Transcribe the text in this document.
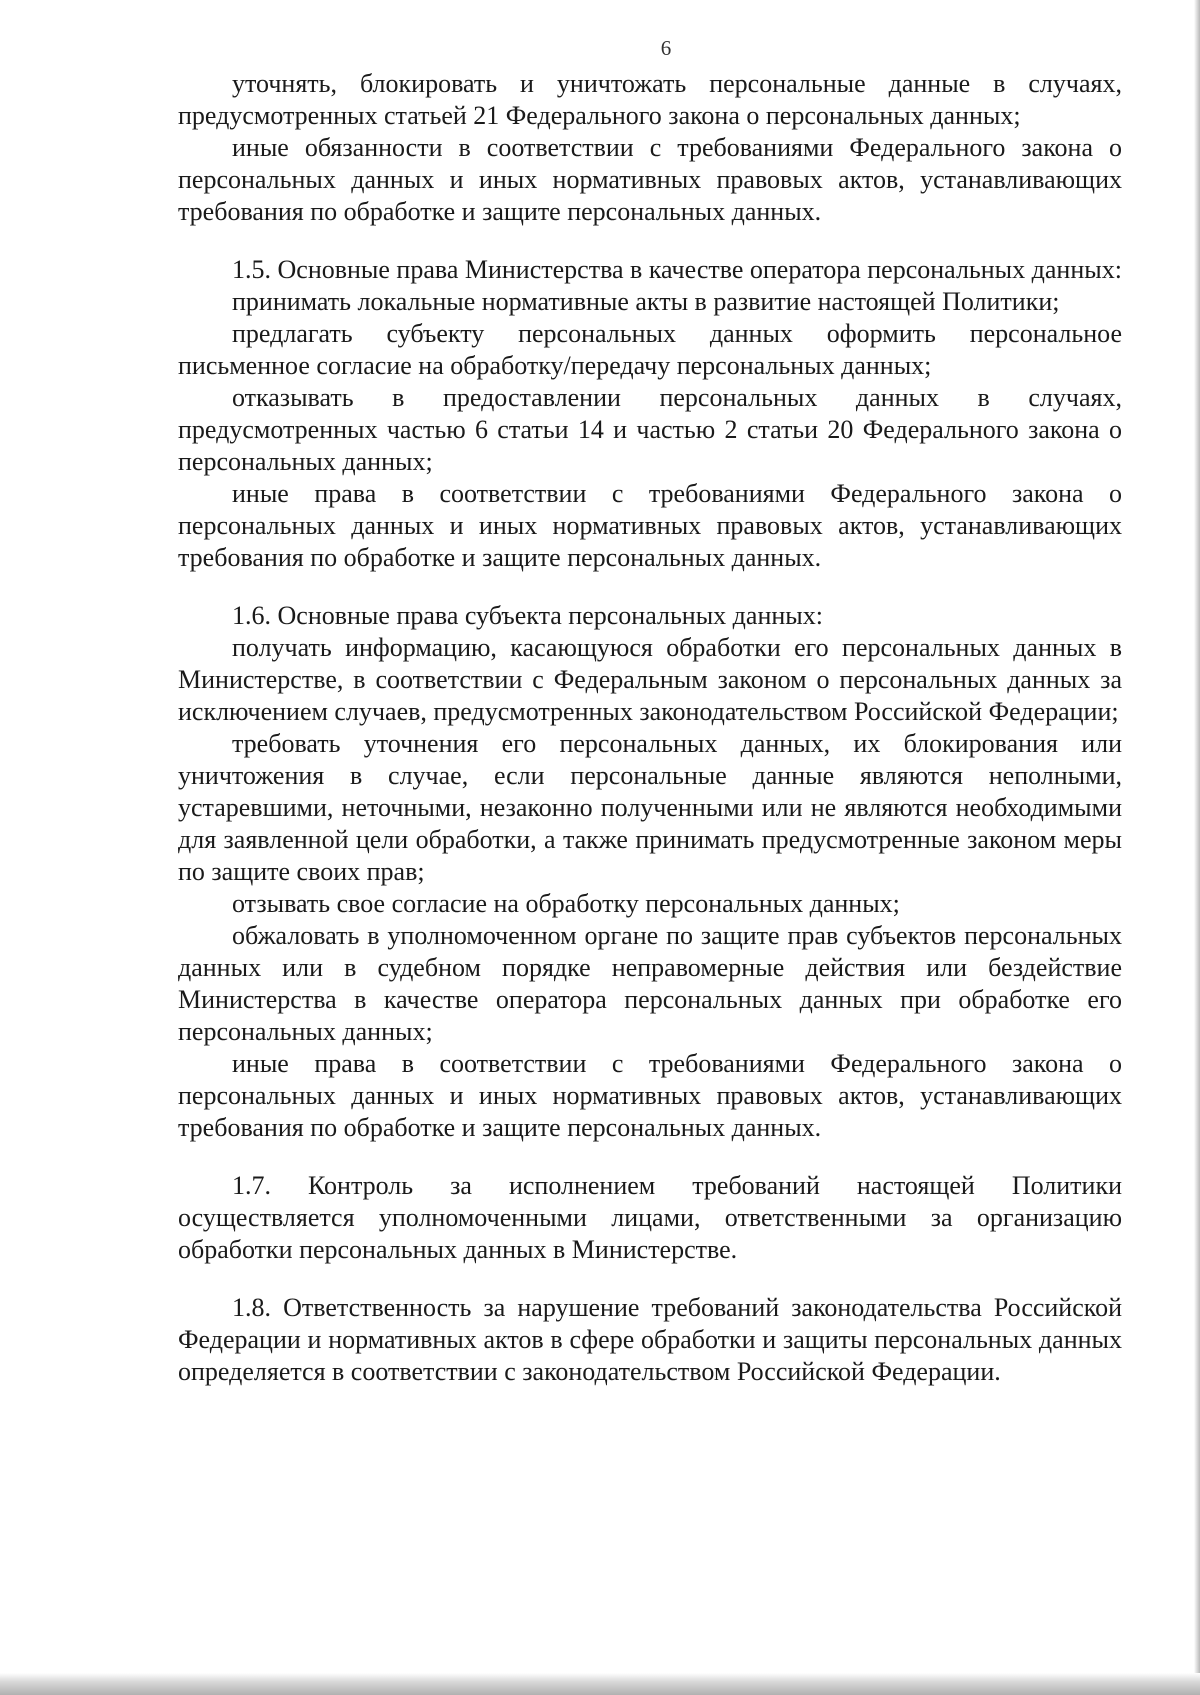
6

уточнять, блокировать и уничтожать персональные данные в случаях, предусмотренных статьей 21 Федерального закона о персональных данных;

иные обязанности в соответствии с требованиями Федерального закона о персональных данных и иных нормативных правовых актов, устанавливающих требования по обработке и защите персональных данных.

1.5. Основные права Министерства в качестве оператора персональных данных:

принимать локальные нормативные акты в развитие настоящей Политики;

предлагать субъекту персональных данных оформить персональное письменное согласие на обработку/передачу персональных данных;

отказывать в предоставлении персональных данных в случаях, предусмотренных частью 6 статьи 14 и частью 2 статьи 20 Федерального закона о персональных данных;

иные права в соответствии с требованиями Федерального закона о персональных данных и иных нормативных правовых актов, устанавливающих требования по обработке и защите персональных данных.

1.6. Основные права субъекта персональных данных:

получать информацию, касающуюся обработки его персональных данных в Министерстве, в соответствии с Федеральным законом о персональных данных за исключением случаев, предусмотренных законодательством Российской Федерации;

требовать уточнения его персональных данных, их блокирования или уничтожения в случае, если персональные данные являются неполными, устаревшими, неточными, незаконно полученными или не являются необходимыми для заявленной цели обработки, а также принимать предусмотренные законом меры по защите своих прав;

отзывать свое согласие на обработку персональных данных;

обжаловать в уполномоченном органе по защите прав субъектов персональных данных или в судебном порядке неправомерные действия или бездействие Министерства в качестве оператора персональных данных при обработке его персональных данных;

иные права в соответствии с требованиями Федерального закона о персональных данных и иных нормативных правовых актов, устанавливающих требования по обработке и защите персональных данных.

1.7. Контроль за исполнением требований настоящей Политики осуществляется уполномоченными лицами, ответственными за организацию обработки персональных данных в Министерстве.

1.8. Ответственность за нарушение требований законодательства Российской Федерации и нормативных актов в сфере обработки и защиты персональных данных определяется в соответствии с законодательством Российской Федерации.
